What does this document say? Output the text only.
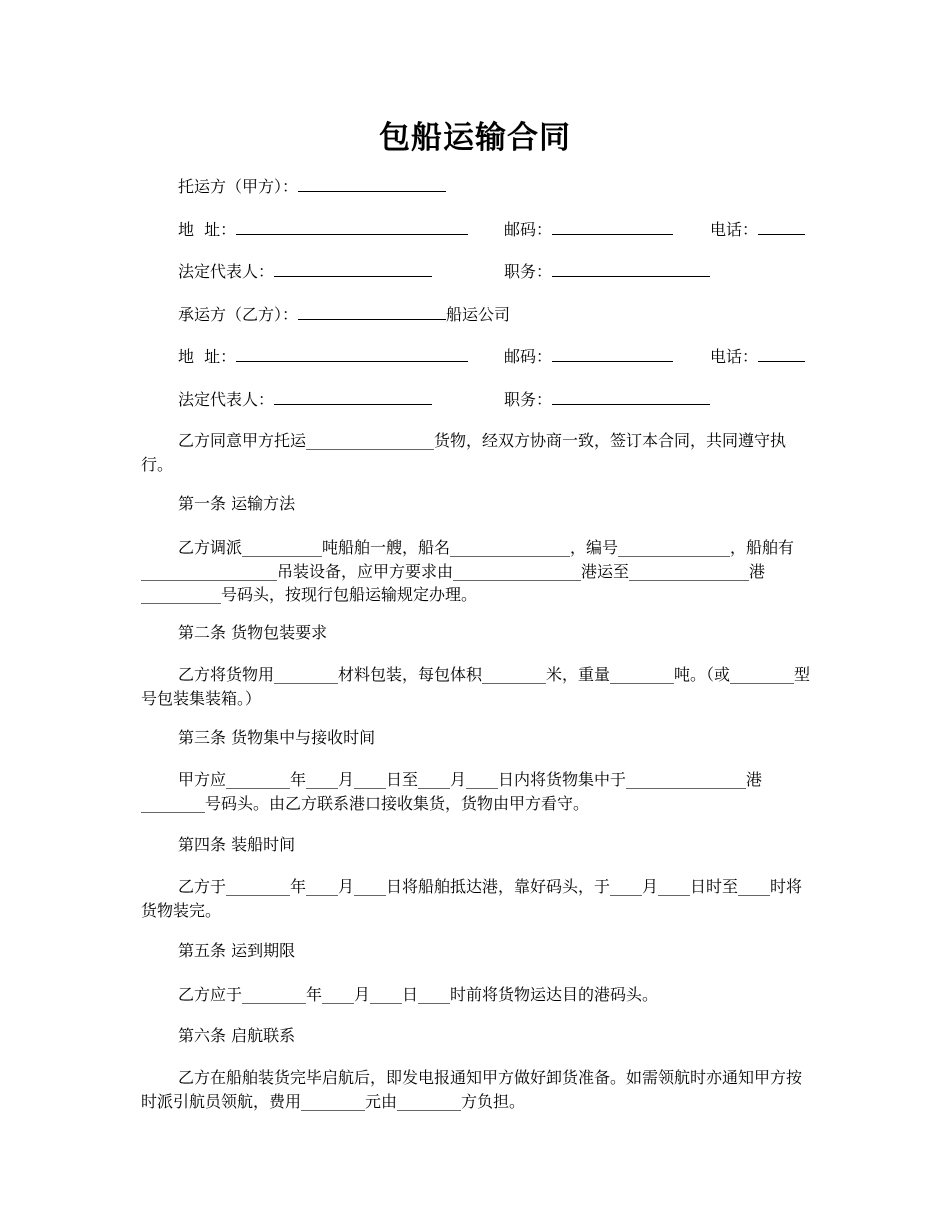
包船运输合同
托运方（甲方）：
地  址：	邮码：	电话：
法定代表人：	职务：
承运方（乙方）：	船运公司
地  址：	邮码：	电话：
法定代表人：	职务：
乙方同意甲方托运________________货物，经双方协商一致，签订本合同，共同遵守执行。
第一条 运输方法
乙方调派__________吨船舶一艘，船名_______________，编号______________，船舶有_________________吊装设备，应甲方要求由________________港运至_______________港__________号码头，按现行包船运输规定办理。
第二条 货物包装要求
乙方将货物用________材料包装，每包体积________米，重量________吨。（或________型号包装集装箱。）
第三条 货物集中与接收时间
甲方应________年____月____日至____月____日内将货物集中于_______________港________号码头。由乙方联系港口接收集货，货物由甲方看守。
第四条 装船时间
乙方于________年____月____日将船舶抵达港，靠好码头，于____月____日时至____时将货物装完。
第五条 运到期限
乙方应于________年____月____日____时前将货物运达目的港码头。
第六条 启航联系
乙方在船舶装货完毕启航后，即发电报通知甲方做好卸货准备。如需领航时亦通知甲方按时派引航员领航，费用________元由________方负担。
